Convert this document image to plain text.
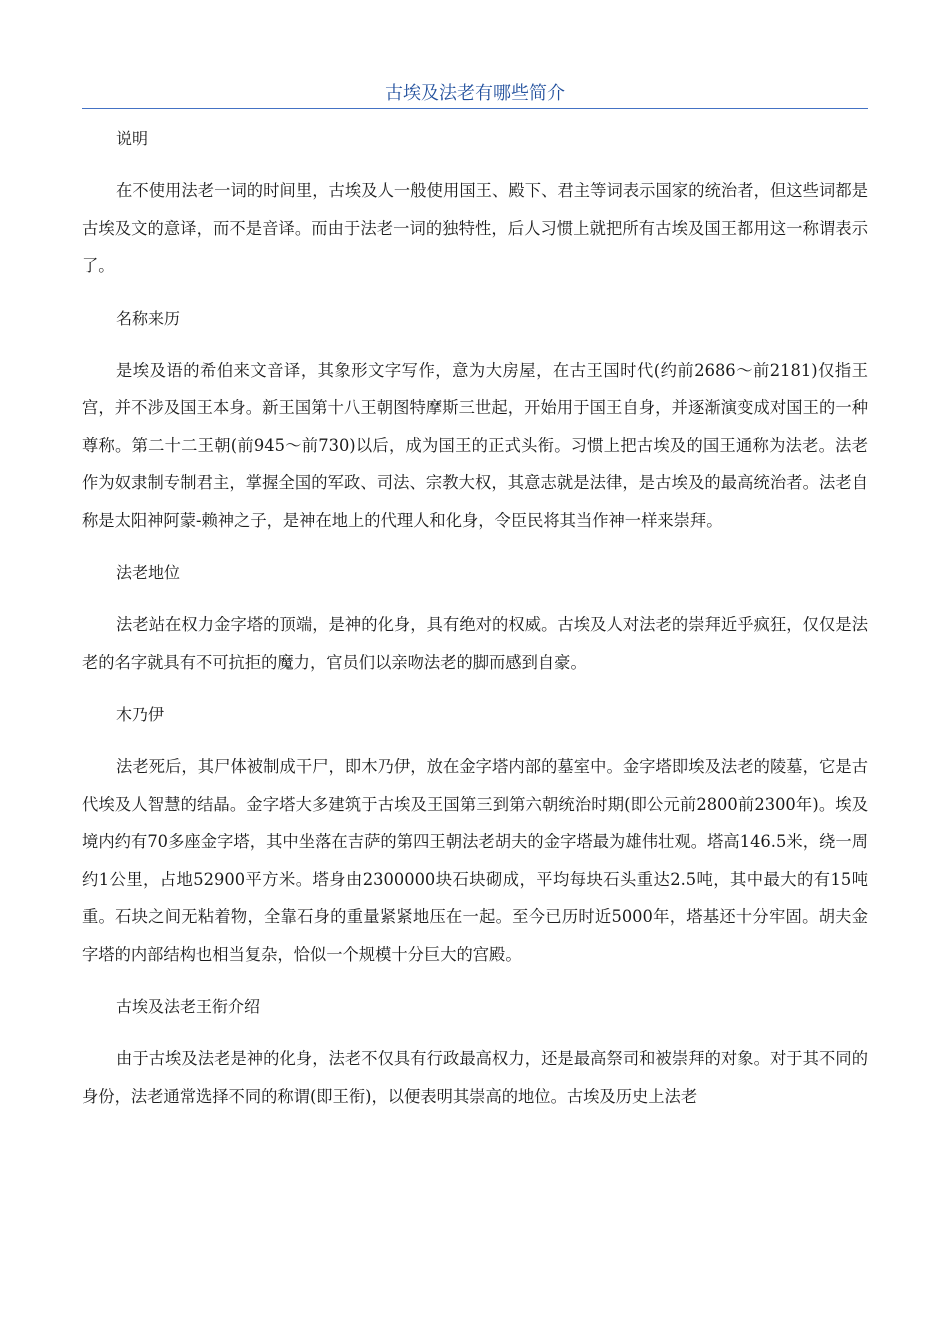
古埃及法老有哪些简介
说明

在不使用法老一词的时间里，古埃及人一般使用国王、殿下、君主等词表示国家的统治者，但这些词都是古埃及文的意译，而不是音译。而由于法老一词的独特性，后人习惯上就把所有古埃及国王都用这一称谓表示了。

名称来历

是埃及语的希伯来文音译，其象形文字写作，意为大房屋，在古王国时代(约前2686～前2181)仅指王宫，并不涉及国王本身。新王国第十八王朝图特摩斯三世起，开始用于国王自身，并逐渐演变成对国王的一种尊称。第二十二王朝(前945～前730)以后，成为国王的正式头衔。习惯上把古埃及的国王通称为法老。法老作为奴隶制专制君主，掌握全国的军政、司法、宗教大权，其意志就是法律，是古埃及的最高统治者。法老自称是太阳神阿蒙-赖神之子，是神在地上的代理人和化身，令臣民将其当作神一样来崇拜。

法老地位

法老站在权力金字塔的顶端，是神的化身，具有绝对的权威。古埃及人对法老的崇拜近乎疯狂，仅仅是法老的名字就具有不可抗拒的魔力，官员们以亲吻法老的脚而感到自豪。

木乃伊

法老死后，其尸体被制成干尸，即木乃伊，放在金字塔内部的墓室中。金字塔即埃及法老的陵墓，它是古代埃及人智慧的结晶。金字塔大多建筑于古埃及王国第三到第六朝统治时期(即公元前2800前2300年)。埃及境内约有70多座金字塔，其中坐落在吉萨的第四王朝法老胡夫的金字塔最为雄伟壮观。塔高146.5米，绕一周约1公里，占地52900平方米。塔身由2300000块石块砌成，平均每块石头重达2.5吨，其中最大的有15吨重。石块之间无粘着物，全靠石身的重量紧紧地压在一起。至今已历时近5000年，塔基还十分牢固。胡夫金字塔的内部结构也相当复杂，恰似一个规模十分巨大的宫殿。

古埃及法老王衔介绍

由于古埃及法老是神的化身，法老不仅具有行政最高权力，还是最高祭司和被崇拜的对象。对于其不同的身份，法老通常选择不同的称谓(即王衔)，以便表明其崇高的地位。古埃及历史上法老
